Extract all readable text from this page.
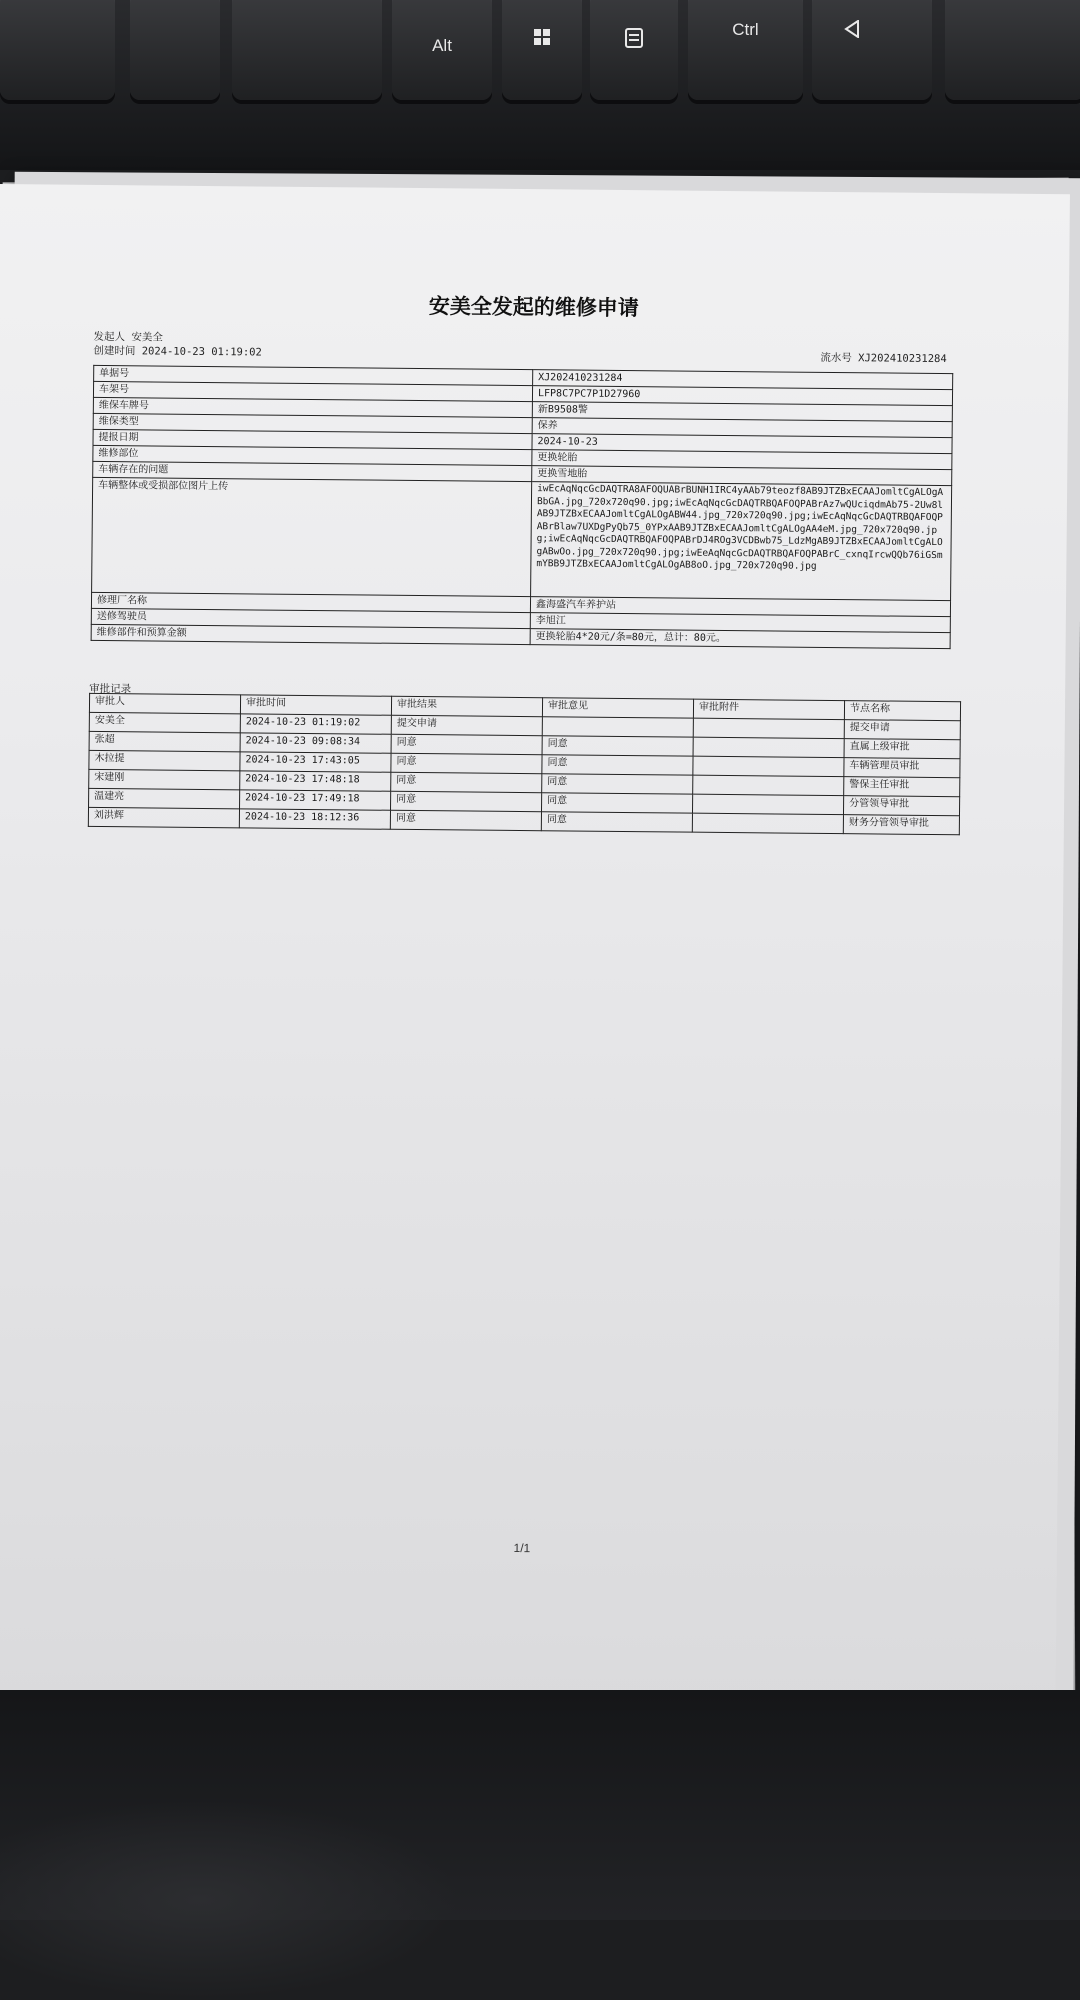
Alt
Ctrl
安美全发起的维修申请
发起人 安美全
创建时间 2024-10-23 01:19:02	流水号 XJ202410231284
单据号	XJ202410231284
车架号	LFP8C7PC7P1D27960
维保车牌号	新B9508警
维保类型	保养
提报日期	2024-10-23
维修部位	更换轮胎
车辆存在的问题	更换雪地胎
车辆整体或受损部位图片上传	iwEcAqNqcGcDAQTRA8AFOQUABrBUNH1IRC4yAAb79teozf8AB9JTZBxECAAJomltCgALOgABbGA.jpg_720x720q90.jpg;iwEcAqNqcGcDAQTRBQAFOQPABrAz7wQUciqdmAb75-2Uw8lAB9JTZBxECAAJomltCgALOgABW44.jpg_720x720q90.jpg;iwEcAqNqcGcDAQTRBQAFOQPABrBlaw7UXDgPyQb75_0YPxAAB9JTZBxECAAJomltCgALOgAA4eM.jpg_720x720q90.jpg;iwEcAqNqcGcDAQTRBQAFOQPABrDJ4ROg3VCDBwb75_LdzMgAB9JTZBxECAAJomltCgALOgABwOo.jpg_720x720q90.jpg;iwEeAqNqcGcDAQTRBQAFOQPABrC_cxnqIrcwQQb76iGSmmYBB9JTZBxECAAJomltCgALOgAB8oO.jpg_720x720q90.jpg
修理厂名称	鑫海盛汽车养护站
送修驾驶员	李旭江
维修部件和预算金额	更换轮胎4*20元/条=80元，总计：80元。
审批记录
审批人	审批时间	审批结果	审批意见	审批附件	节点名称
安美全	2024-10-23 01:19:02	提交申请			提交申请
张超	2024-10-23 09:08:34	同意	同意		直属上级审批
木拉提	2024-10-23 17:43:05	同意	同意		车辆管理员审批
宋建刚	2024-10-23 17:48:18	同意	同意		警保主任审批
温建亮	2024-10-23 17:49:18	同意	同意		分管领导审批
刘洪辉	2024-10-23 18:12:36	同意	同意		财务分管领导审批
1/1
